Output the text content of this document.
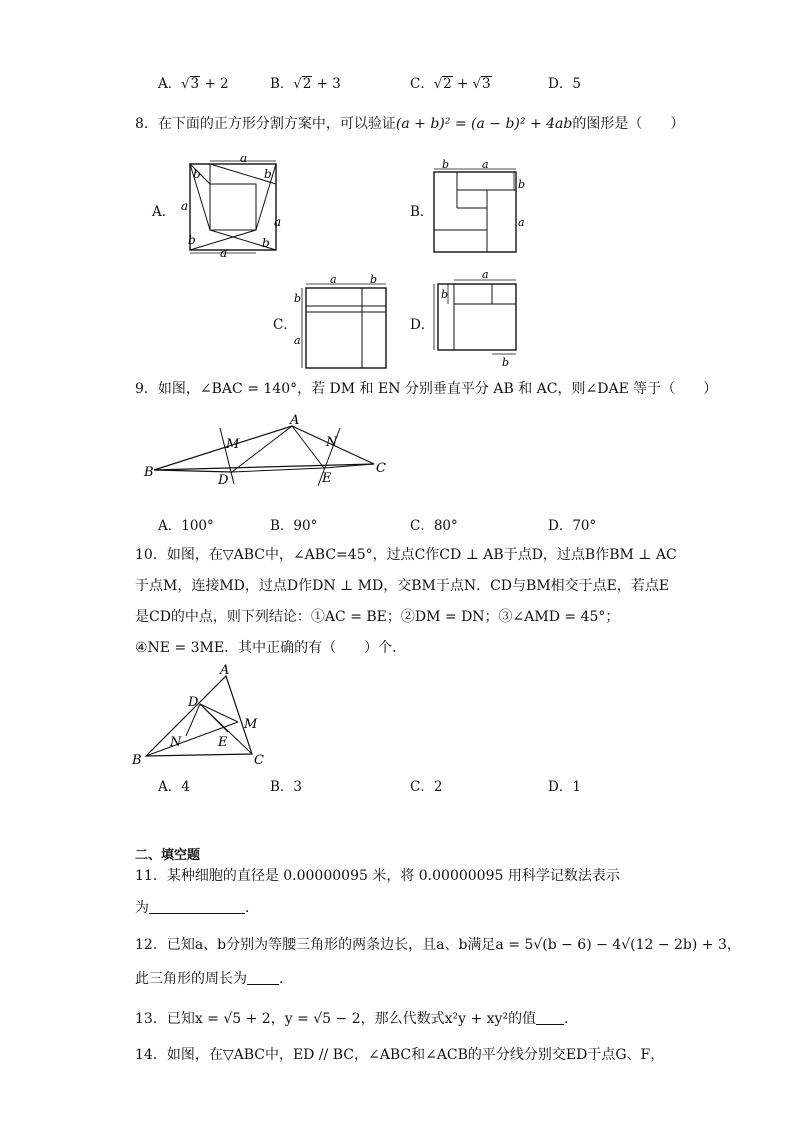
A．√3 + 2	B．√2 + 3	C．√2 + √3	D．5
8．在下面的正方形分割方案中，可以验证(a + b)² = (a − b)² + 4ab的图形是（　　）
A．
a
b
a
b
a
b
a
b
B．
b	a
b
a
C．
a	b
b
a
D．
a
b
b
9．如图，∠BAC = 140°，若 DM 和 EN 分别垂直平分 AB 和 AC，则∠DAE 等于（　　）
A
B	C
D	E
M	N
A．100°	B．90°	C．80°	D．70°
10．如图，在▽ABC中，∠ABC=45°，过点C作CD ⊥ AB于点D，过点B作BM ⊥ AC
于点M，连接MD，过点D作DN ⊥ MD，交BM于点N．CD与BM相交于点E，若点E
是CD的中点，则下列结论：①AC = BE；②DM = DN；③∠AMD = 45°；
④NE = 3ME．其中正确的有（　　）个．
A
B	C
D
E
M
N
A．4	B．3	C．2	D．1
二、填空题
11．某种细胞的直径是 0.00000095 米，将 0.00000095 用科学记数法表示
为	．
12．已知a、b分别为等腰三角形的两条边长，且a、b满足a = 5√(b − 6) − 4√(12 − 2b) + 3，
此三角形的周长为 ．
13．已知x = √5 + 2，y = √5 − 2，那么代数式x²y + xy²的值 ．
14．如图，在▽ABC中，ED // BC，∠ABC和∠ACB的平分线分别交ED于点G、F，
